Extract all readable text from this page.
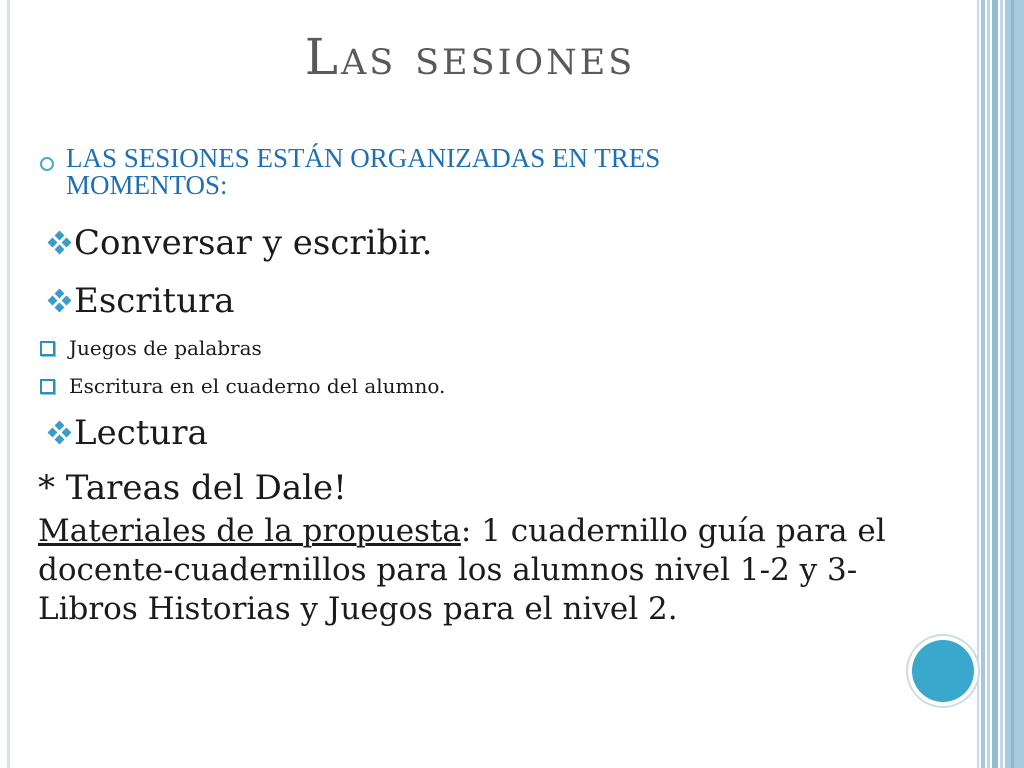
Las sesiones
LAS SESIONES ESTÁN ORGANIZADAS EN TRES
MOMENTOS:
Conversar y escribir.
Escritura
Juegos de palabras
Escritura en el cuaderno del alumno.
Lectura
* Tareas del Dale!
Materiales de la propuesta: 1 cuadernillo guía para el docente-cuadernillos para los alumnos nivel 1-2 y 3-Libros Historias y Juegos para el nivel 2.
